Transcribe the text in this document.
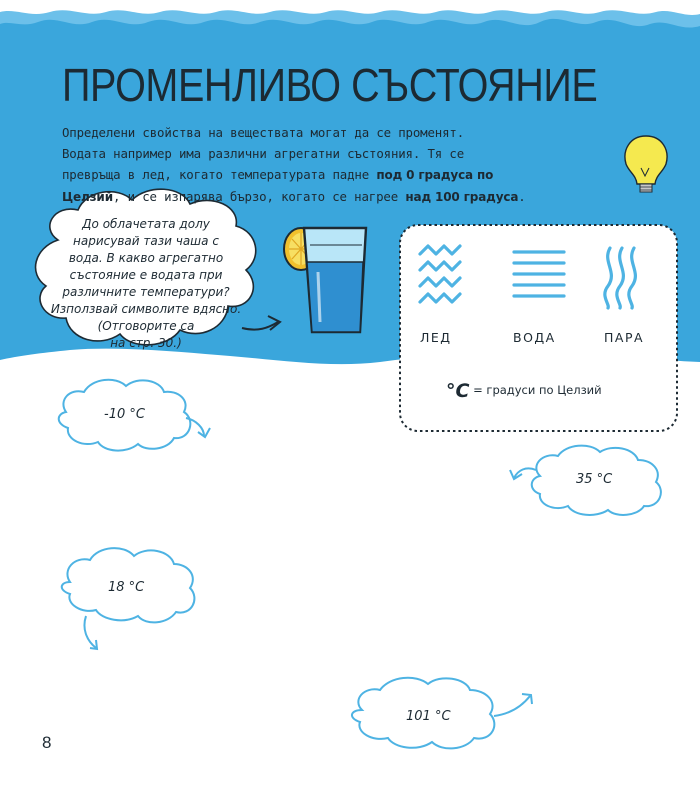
ПРОМЕНЛИВО СЪСТОЯНИЕ
Определени свойства на веществата могат да се променят.
Водата например има различни агрегатни състояния. Тя се
превръща в лед, когато температурата падне под 0 градуса по
Целзий, и се изпарява бързо, когато се нагрее над 100 градуса.
До облачетата долу
нарисувай тази чаша с
вода. В какво агрегатно
състояние е водата при
различните температури?
Използвай символите вдясно.
(Отговорите са
на стр. 30.)	ЛЕД	ВОДА	ПАРА
°C = градуси по Целзий
-10 °C
35 °C
18 °C
101 °C
8
